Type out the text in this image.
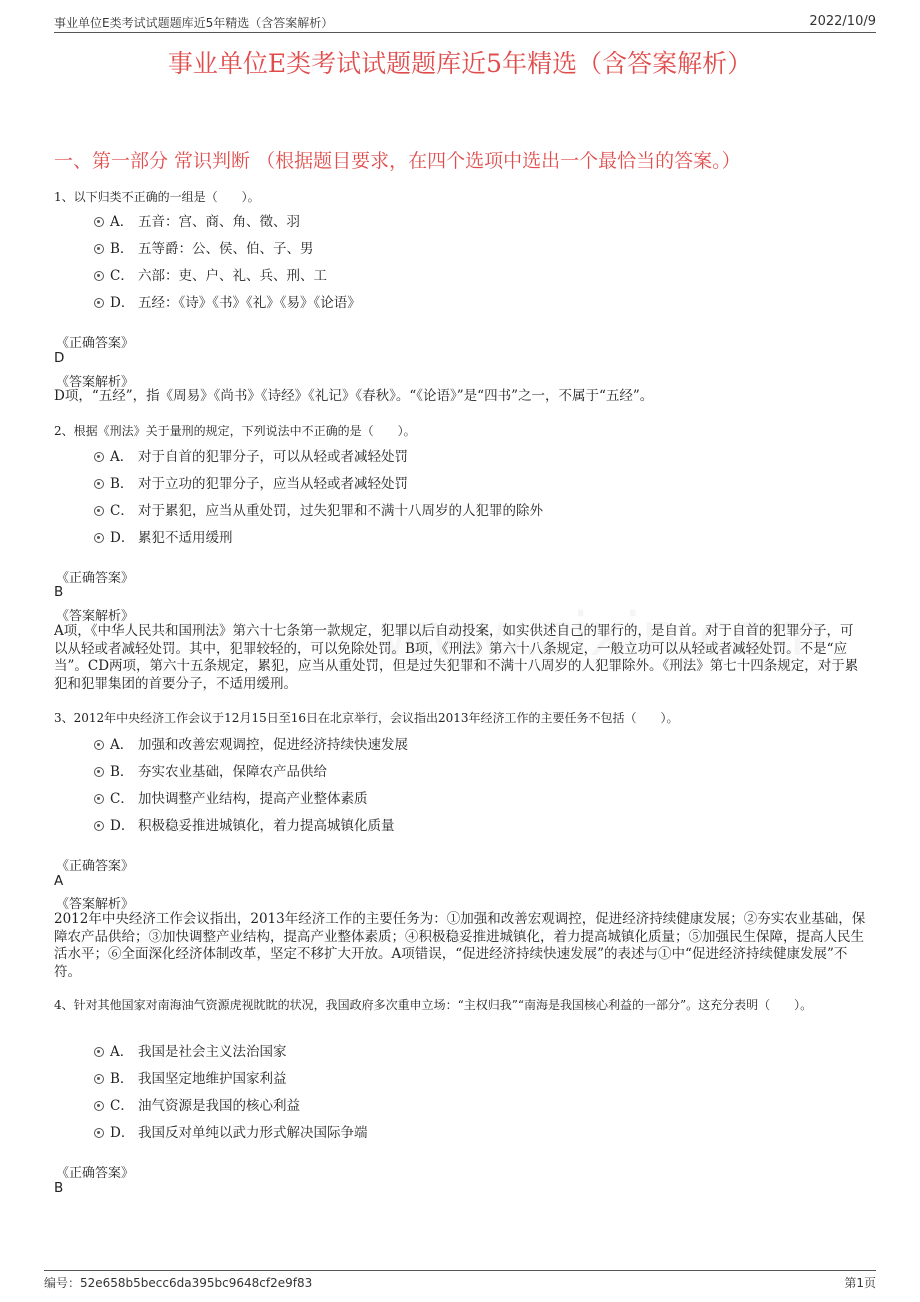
事业单位E类考试试题题库近5年精选（含答案解析）	2022/10/9
事业单位E类考试试题题库近5年精选（含答案解析）
一、第一部分 常识判断 （根据题目要求，在四个选项中选出一个最恰当的答案。）
1、以下归类不正确的一组是（　　）。
A． 五音：宫、商、角、徵、羽
B． 五等爵：公、侯、伯、子、男
C． 六部：吏、户、礼、兵、刑、工
D． 五经：《诗》《书》《礼》《易》《论语》
《正确答案》
D
《答案解析》
D项，“五经”，指《周易》《尚书》《诗经》《礼记》《春秋》。“《论语》”是“四书”之一，不属于“五经”。
2、根据《刑法》关于量刑的规定，下列说法中不正确的是（　　）。
A． 对于自首的犯罪分子，可以从轻或者减轻处罚
B． 对于立功的犯罪分子，应当从轻或者减轻处罚
C． 对于累犯，应当从重处罚，过失犯罪和不满十八周岁的人犯罪的除外
D． 累犯不适用缓刑
《正确答案》
B
《答案解析》
A项，《中华人民共和国刑法》第六十七条第一款规定，犯罪以后自动投案，如实供述自己的罪行的，是自首。对于自首的犯罪分子，可以从轻或者减轻处罚。其中，犯罪较轻的，可以免除处罚。B项，《刑法》第六十八条规定，一般立功可以从轻或者减轻处罚。不是“应当”。CD两项，第六十五条规定，累犯，应当从重处罚，但是过失犯罪和不满十八周岁的人犯罪除外。《刑法》第七十四条规定，对于累犯和犯罪集团的首要分子，不适用缓刑。
3、2012年中央经济工作会议于12月15日至16日在北京举行，会议指出2013年经济工作的主要任务不包括（　　）。
A． 加强和改善宏观调控，促进经济持续快速发展
B． 夯实农业基础，保障农产品供给
C． 加快调整产业结构，提高产业整体素质
D． 积极稳妥推进城镇化，着力提高城镇化质量
《正确答案》
A
《答案解析》
2012年中央经济工作会议指出，2013年经济工作的主要任务为：①加强和改善宏观调控，促进经济持续健康发展；②夯实农业基础，保障农产品供给；③加快调整产业结构，提高产业整体素质；④积极稳妥推进城镇化，着力提高城镇化质量；⑤加强民生保障，提高人民生活水平；⑥全面深化经济体制改革，坚定不移扩大开放。A项错误，“促进经济持续快速发展”的表述与①中“促进经济持续健康发展”不符。
4、针对其他国家对南海油气资源虎视眈眈的状况，我国政府多次重申立场：“主权归我”“南海是我国核心利益的一部分”。这充分表明（　　）。
A． 我国是社会主义法治国家
B． 我国坚定地维护国家利益
C． 油气资源是我国的核心利益
D． 我国反对单纯以武力形式解决国际争端
《正确答案》
B
编号：52e658b5becc6da395bc9648cf2e9f83	第1页
